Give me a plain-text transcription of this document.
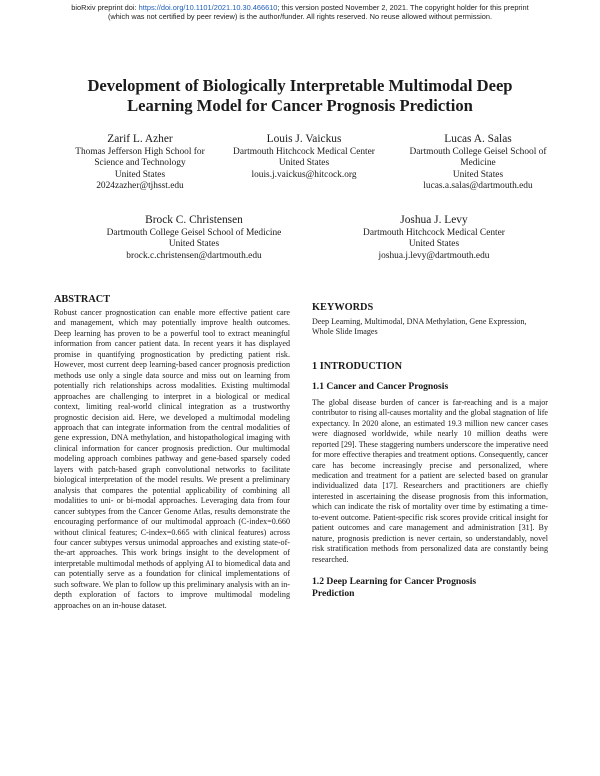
bioRxiv preprint doi: https://doi.org/10.1101/2021.10.30.466610; this version posted November 2, 2021. The copyright holder for this preprint
(which was not certified by peer review) is the author/funder. All rights reserved. No reuse allowed without permission.
Development of Biologically Interpretable Multimodal Deep
Learning Model for Cancer Prognosis Prediction
Zarif L. Azher
Thomas Jefferson High School for
Science and Technology
United States
2024zazher@tjhsst.edu
Louis J. Vaickus
Dartmouth Hitchcock Medical Center
United States
louis.j.vaickus@hitcock.org
Lucas A. Salas
Dartmouth College Geisel School of
Medicine
United States
lucas.a.salas@dartmouth.edu
Brock C. Christensen
Dartmouth College Geisel School of Medicine
United States
brock.c.christensen@dartmouth.edu
Joshua J. Levy
Dartmouth Hitchcock Medical Center
United States
joshua.j.levy@dartmouth.edu
ABSTRACT

Robust cancer prognostication can enable more effective patient care and management, which may potentially improve health outcomes. Deep learning has proven to be a powerful tool to extract meaningful information from cancer patient data. In recent years it has displayed promise in quantifying prognostication by predicting patient risk. However, most current deep learning-based cancer prognosis prediction methods use only a single data source and miss out on learning from potentially rich relationships across modalities. Existing multimodal approaches are challenging to interpret in a biological or medical context, limiting real-world clinical integration as a trustworthy prognostic decision aid. Here, we developed a multimodal modeling approach that can integrate information from the central modalities of gene expression, DNA methylation, and histopathological imaging with clinical information for cancer prognosis prediction. Our multimodal modeling approach combines pathway and gene-based sparsely coded layers with patch-based graph convolutional networks to facilitate biological interpretation of the model results. We present a preliminary analysis that compares the potential applicability of combining all modalities to uni- or bi-modal approaches. Leveraging data from four cancer subtypes from the Cancer Genome Atlas, results demonstrate the encouraging performance of our multimodal approach (C-index=0.660 without clinical features; C-index=0.665 with clinical features) across four cancer subtypes versus unimodal approaches and existing state-of-the-art approaches. This work brings insight to the development of interpretable multimodal methods of applying AI to biomedical data and can potentially serve as a foundation for clinical implementations of such software. We plan to follow up this preliminary analysis with an in-depth exploration of factors to improve multimodal modeling approaches on an in-house dataset.

KEYWORDS
Deep Learning, Multimodal, DNA Methylation, Gene Expression, Whole Slide Images
1 INTRODUCTION
1.1 Cancer and Cancer Prognosis

The global disease burden of cancer is far-reaching and is a major contributor to rising all-causes mortality and the global stagnation of life expectancy. In 2020 alone, an estimated 19.3 million new cancer cases were diagnosed worldwide, while nearly 10 million deaths were reported [29]. These staggering numbers underscore the imperative need for more effective therapies and treatment options. Consequently, cancer care has become increasingly precise and personalized, where medication and treatment for a patient are selected based on granular individualized data [17]. Researchers and practitioners are chiefly interested in ascertaining the disease prognosis from this information, which can indicate the risk of mortality over time by estimating a time-to-event outcome. Patient-specific risk scores provide critical insight for patient outcomes and care management and administration [31]. By nature, prognosis prediction is never certain, so understandably, novel risk stratification methods from personalized data are constantly being researched.

1.2 Deep Learning for Cancer Prognosis
Prediction
